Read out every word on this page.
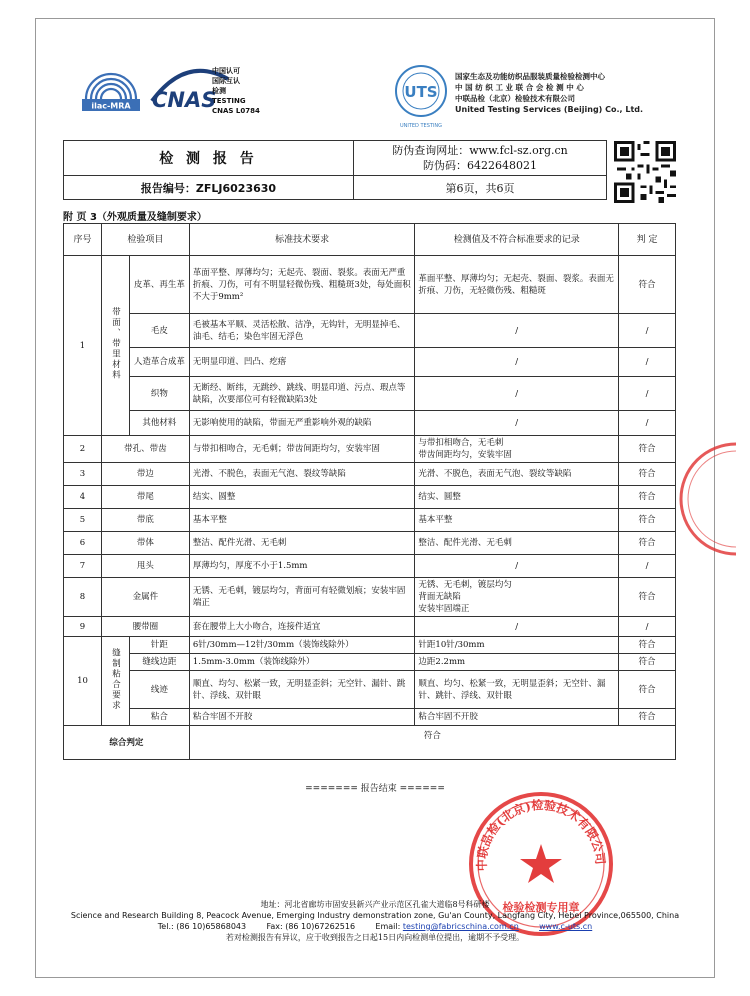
ilac-MRA CNAS
中国认可
国际互认
检测
TESTING
CNAS L0784
UTS
UNITED TESTING
国家生态及功能纺织品服装质量检验检测中心
中 国 纺 织 工 业 联 合 会 检 测 中 心
中联品检（北京）检验技术有限公司
United Testing Services (Beijing) Co., Ltd.
检 测 报 告	防伪查询网址：www.fcl-sz.org.cn
防伪码：6422648021

报告编号：ZFLJ6023630	第6页，共6页
附 页 3（外观质量及缝制要求）
序号	检验项目		标准技术要求	检测值及不符合标准要求的记录	判 定
1	带面、带里材料	皮革、再生革	革面平整、厚薄均匀；无起壳、裂面、裂浆。表面无严重折痕、刀伤，可有不明显轻微伤残、粗糙斑3处，每处面积不大于9mm²	革面平整、厚薄均匀；无起壳、裂面、裂浆。表面无折痕、刀伤，无轻微伤残、粗糙斑	符合
		毛皮	毛被基本平顺、灵活松散、洁净，无钩针，无明显掉毛、油毛、结毛；染色牢固无浮色	/	/
		人造革合成革	无明显印道、凹凸、疙瘩	/	/
		织物	无断经、断纬，无跳纱、跳线、明显印道、污点、瑕点等缺陷，次要部位可有轻微缺陷3处	/	/
		其他材料	无影响使用的缺陷，带面无严重影响外观的缺陷	/	/
2	带孔、带齿		与带扣相吻合，无毛刺；带齿间距均匀，安装牢固	与带扣相吻合，无毛刺
带齿间距均匀，安装牢固	符合
3	带边		光滑、不脱色，表面无气泡、裂纹等缺陷	光滑、不脱色，表面无气泡、裂纹等缺陷	符合
4	带尾		结实、圆整	结实、圆整	符合
5	带底		基本平整	基本平整	符合
6	带体		整洁、配件光滑、无毛刺	整洁、配件光滑、无毛刺	符合
7	甩头		厚薄均匀，厚度不小于1.5mm	/	/
8	金属件		无锈、无毛刺，镀层均匀，背面可有轻微划痕；安装牢固端正	无锈、无毛刺，镀层均匀
背面无缺陷
安装牢固端正	符合
9	腰带圈		套在腰带上大小吻合，连接件适宜	/	/
10	缝制粘合要求	针距	6针/30mm—12针/30mm（装饰线除外）	针距10针/30mm	符合
		缝线边距	1.5mm-3.0mm（装饰线除外）	边距2.2mm	符合
		线迹	顺直、均匀、松紧一致，无明显歪斜；无空针、漏针、跳针、浮线、双针眼	顺直、均匀、松紧一致，无明显歪斜；无空针、漏针、跳针、浮线、双针眼	符合
		粘合	粘合牢固不开胶	粘合牢固不开胶	符合
综合判定			符合		
======= 报告结束 ======
中联品检(北京)检验技术有限公司
检验检测专用章
地址：河北省廊坊市固安县新兴产业示范区孔雀大道临8号科研楼
Science and Research Building 8, Peacock Avenue, Emerging Industry demonstration zone, Gu'an County, Langfang City, Hebei Province,065500, China
Tel.: (86 10)65868043	Fax: (86 10)67262516	Email: testing@fabricschina.com.cn	www.c-uts.cn
若对检测报告有异议，应于收到报告之日起15日内向检测单位提出，逾期不予受理。
